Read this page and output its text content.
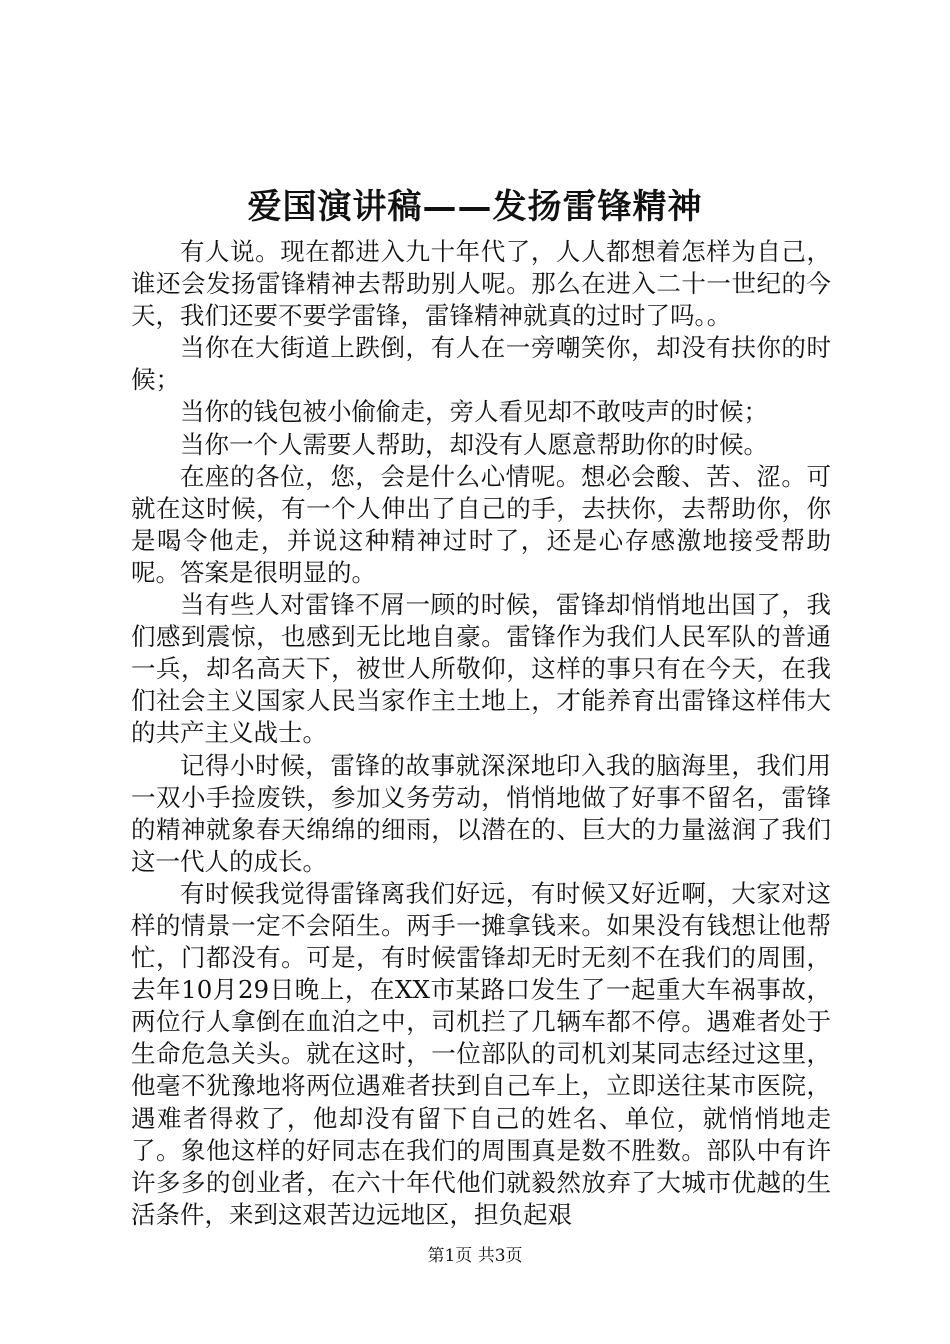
爱国演讲稿——发扬雷锋精神

有人说。现在都进入九十年代了，人人都想着怎样为自己，谁还会发扬雷锋精神去帮助别人呢。那么在进入二十一世纪的今天，我们还要不要学雷锋，雷锋精神就真的过时了吗。。

当你在大街道上跌倒，有人在一旁嘲笑你，却没有扶你的时候；

当你的钱包被小偷偷走，旁人看见却不敢吱声的时候；

当你一个人需要人帮助，却没有人愿意帮助你的时候。

在座的各位，您，会是什么心情呢。想必会酸、苦、涩。可就在这时候，有一个人伸出了自己的手，去扶你，去帮助你，你是喝令他走，并说这种精神过时了，还是心存感激地接受帮助呢。答案是很明显的。

当有些人对雷锋不屑一顾的时候，雷锋却悄悄地出国了，我们感到震惊，也感到无比地自豪。雷锋作为我们人民军队的普通一兵，却名高天下，被世人所敬仰，这样的事只有在今天，在我们社会主义国家人民当家作主土地上，才能养育出雷锋这样伟大的共产主义战士。

记得小时候，雷锋的故事就深深地印入我的脑海里，我们用一双小手捡废铁，参加义务劳动，悄悄地做了好事不留名，雷锋的精神就象春天绵绵的细雨，以潜在的、巨大的力量滋润了我们这一代人的成长。

有时候我觉得雷锋离我们好远，有时候又好近啊，大家对这样的情景一定不会陌生。两手一摊拿钱来。如果没有钱想让他帮忙，门都没有。可是，有时候雷锋却无时无刻不在我们的周围，去年10月29日晚上，在XX市某路口发生了一起重大车祸事故，两位行人拿倒在血泊之中，司机拦了几辆车都不停。遇难者处于生命危急关头。就在这时，一位部队的司机刘某同志经过这里，他毫不犹豫地将两位遇难者扶到自己车上，立即送往某市医院，遇难者得救了，他却没有留下自己的姓名、单位，就悄悄地走了。象他这样的好同志在我们的周围真是数不胜数。部队中有许许多多的创业者，在六十年代他们就毅然放弃了大城市优越的生活条件，来到这艰苦边远地区，担负起艰

第1页 共3页
